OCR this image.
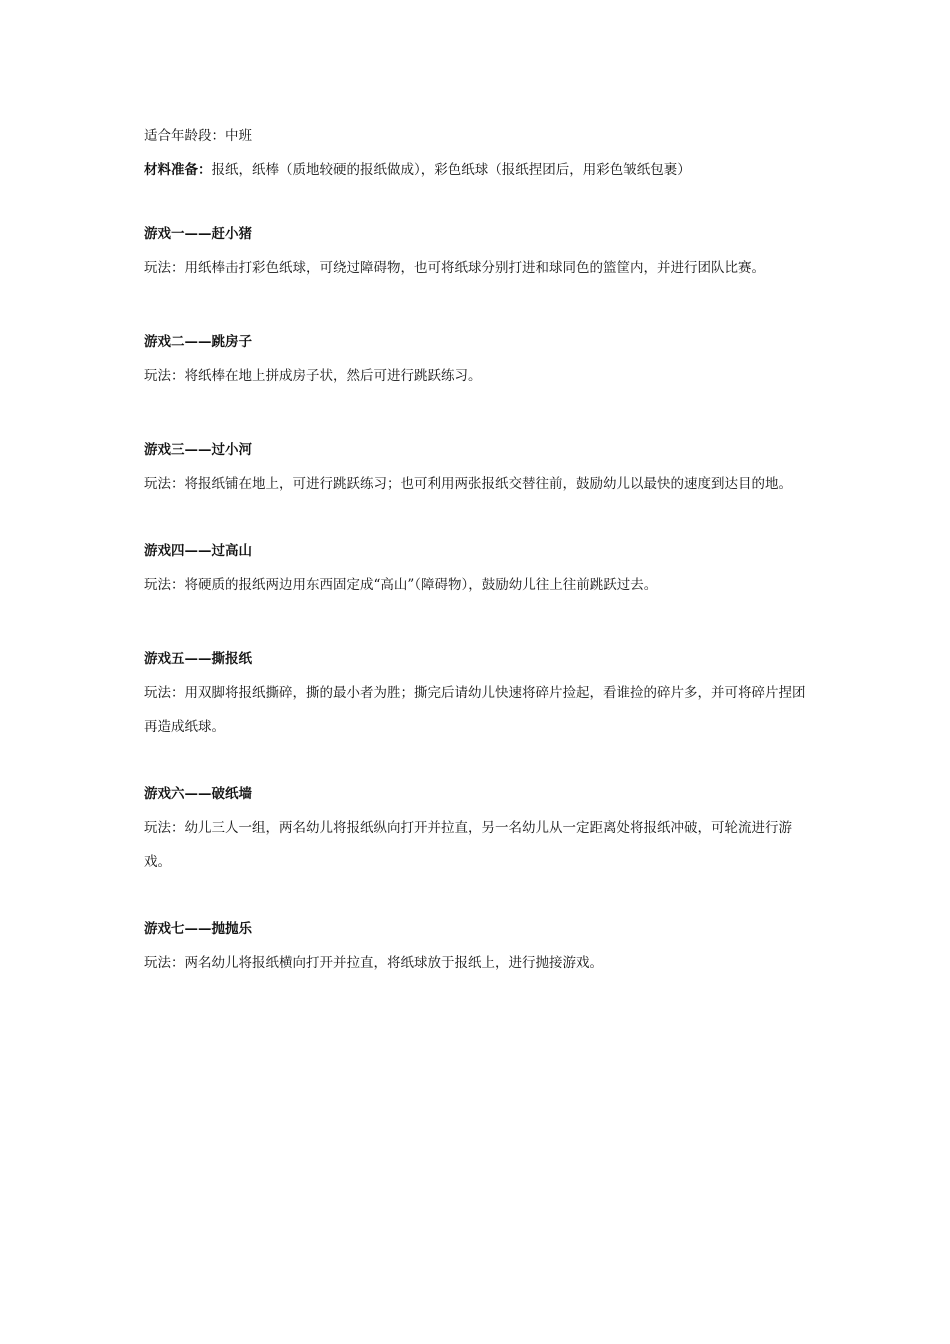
适合年龄段：中班

材料准备：报纸，纸棒（质地较硬的报纸做成），彩色纸球（报纸捏团后，用彩色皱纸包裹）

游戏一——赶小猪

玩法：用纸棒击打彩色纸球，可绕过障碍物，也可将纸球分别打进和球同色的篮筐内，并进行团队比赛。

游戏二——跳房子

玩法：将纸棒在地上拼成房子状，然后可进行跳跃练习。

游戏三——过小河

玩法：将报纸铺在地上，可进行跳跃练习；也可利用两张报纸交替往前，鼓励幼儿以最快的速度到达目的地。

游戏四——过高山

玩法：将硬质的报纸两边用东西固定成“高山”（障碍物），鼓励幼儿往上往前跳跃过去。

游戏五——撕报纸

玩法：用双脚将报纸撕碎，撕的最小者为胜；撕完后请幼儿快速将碎片捡起，看谁捡的碎片多，并可将碎片捏团再造成纸球。

游戏六——破纸墙

玩法：幼儿三人一组，两名幼儿将报纸纵向打开并拉直，另一名幼儿从一定距离处将报纸冲破，可轮流进行游戏。

游戏七——抛抛乐

玩法：两名幼儿将报纸横向打开并拉直，将纸球放于报纸上，进行抛接游戏。
